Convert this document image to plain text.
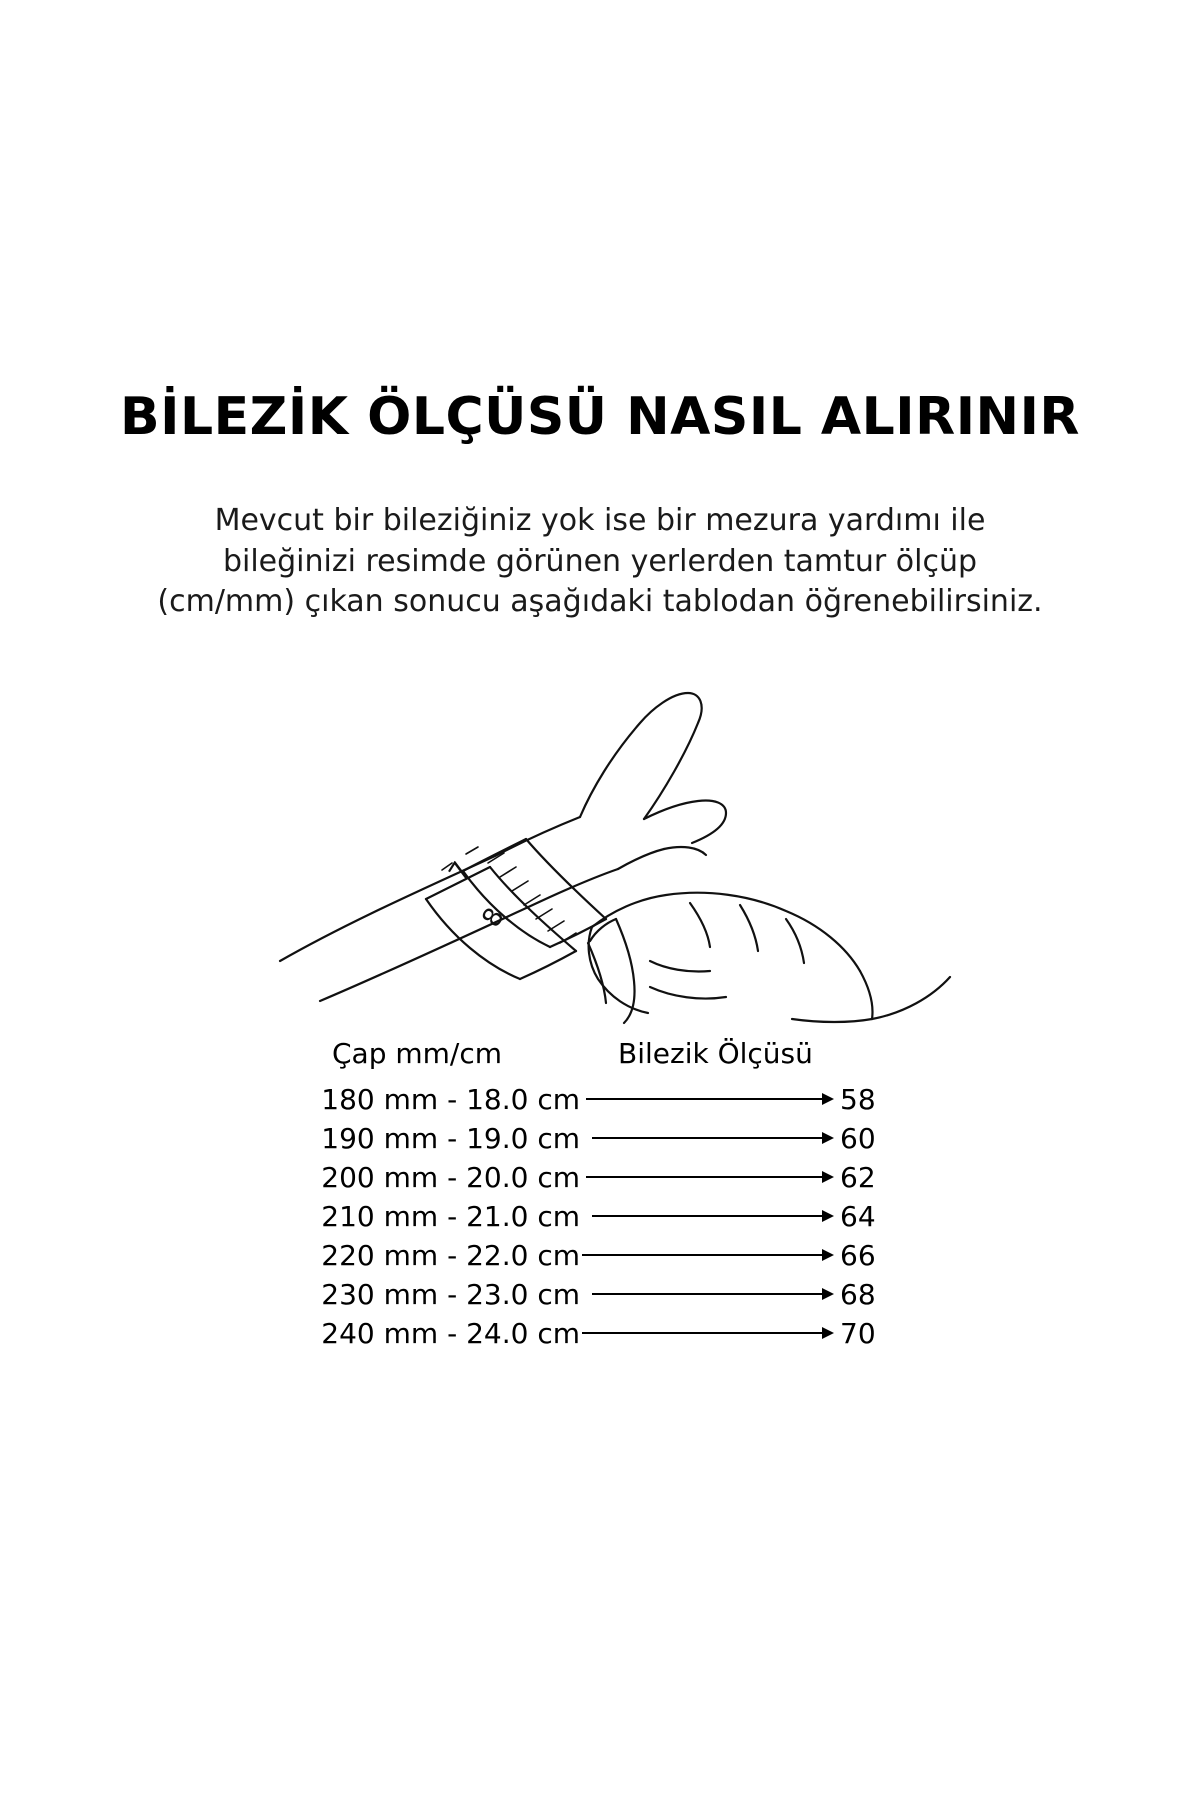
BİLEZİK ÖLÇÜSÜ NASIL ALIRINIR

Mevcut bir bileziğiniz yok ise bir mezura yardımı ile bileğinizi resimde görünen yerlerden tamtur ölçüp (cm/mm) çıkan sonucu aşağıdaki tablodan öğrenebilirsiniz.

7
8
Çap mm/cm	Bilezik Ölçüsü
180 mm - 18.0 cm	58
190 mm - 19.0 cm	60
200 mm - 20.0 cm	62
210 mm - 21.0 cm	64
220 mm - 22.0 cm	66
230 mm - 23.0 cm	68
240 mm - 24.0 cm	70
